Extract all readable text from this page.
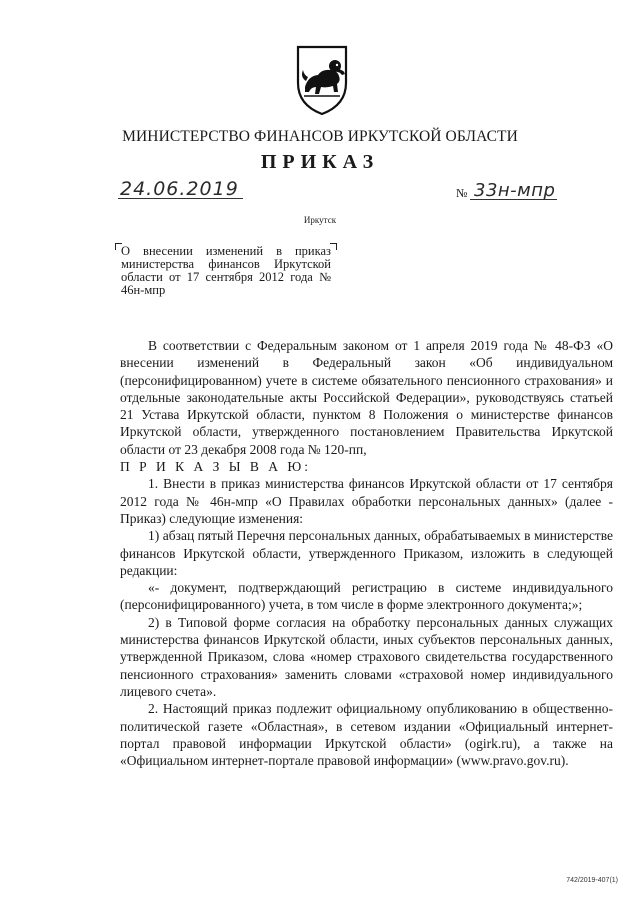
МИНИСТЕРСТВО ФИНАНСОВ ИРКУТСКОЙ ОБЛАСТИ
ПРИКАЗ
24.06.2019	№ 33н-мпр
Иркутск
О внесении изменений в приказ министерства финансов Иркутской области от 17 сентября 2012 года № 46н-мпр

В соответствии с Федеральным законом от 1 апреля 2019 года № 48-ФЗ «О внесении изменений в Федеральный закон «Об индивидуальном (персонифицированном) учете в системе обязательного пенсионного страхования» и отдельные законодательные акты Российской Федерации», руководствуясь статьей 21 Устава Иркутской области, пунктом 8 Положения о министерстве финансов Иркутской области, утвержденного постановлением Правительства Иркутской области от 23 декабря 2008 года № 120-пп,

П Р И К А З Ы В А Ю:

1. Внести в приказ министерства финансов Иркутской области от 17 сентября 2012 года № 46н-мпр «О Правилах обработки персональных данных» (далее - Приказ) следующие изменения:

1) абзац пятый Перечня персональных данных, обрабатываемых в министерстве финансов Иркутской области, утвержденного Приказом, изложить в следующей редакции:

«- документ, подтверждающий регистрацию в системе индивидуального (персонифицированного) учета, в том числе в форме электронного документа;»;

2) в Типовой форме согласия на обработку персональных данных служащих министерства финансов Иркутской области, иных субъектов персональных данных, утвержденной Приказом, слова «номер страхового свидетельства государственного пенсионного страхования» заменить словами «страховой номер индивидуального лицевого счета».

2. Настоящий приказ подлежит официальному опубликованию в общественно-политической газете «Областная», в сетевом издании «Официальный интернет-портал правовой информации Иркутской области» (ogirk.ru), а также на «Официальном интернет-портале правовой информации» (www.pravo.gov.ru).

742/2019-407(1)
